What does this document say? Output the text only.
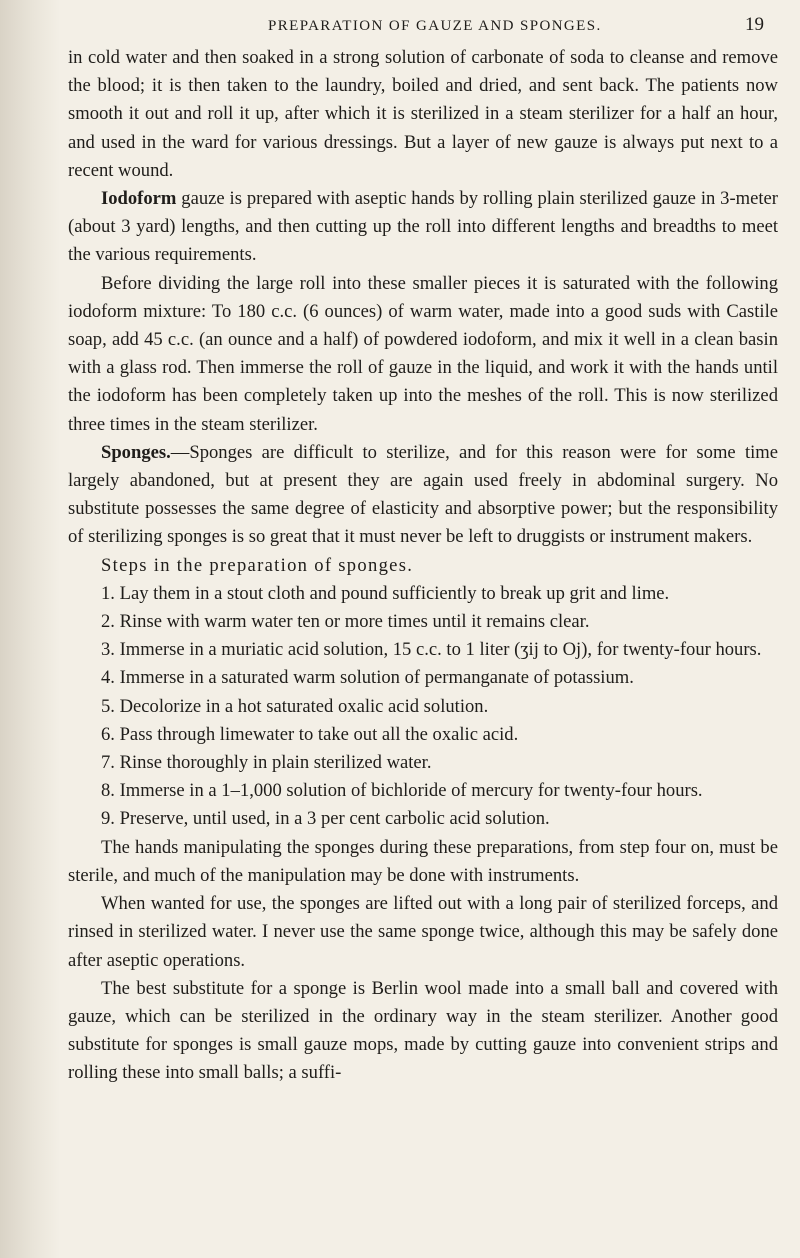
PREPARATION OF GAUZE AND SPONGES.	19

in cold water and then soaked in a strong solution of carbonate of soda to cleanse and remove the blood; it is then taken to the laundry, boiled and dried, and sent back. The patients now smooth it out and roll it up, after which it is sterilized in a steam sterilizer for a half an hour, and used in the ward for various dressings. But a layer of new gauze is always put next to a recent wound.

Iodoform gauze is prepared with aseptic hands by rolling plain sterilized gauze in 3-meter (about 3 yard) lengths, and then cutting up the roll into different lengths and breadths to meet the various requirements.

Before dividing the large roll into these smaller pieces it is saturated with the following iodoform mixture: To 180 c.c. (6 ounces) of warm water, made into a good suds with Castile soap, add 45 c.c. (an ounce and a half) of powdered iodoform, and mix it well in a clean basin with a glass rod. Then immerse the roll of gauze in the liquid, and work it with the hands until the iodoform has been completely taken up into the meshes of the roll. This is now sterilized three times in the steam sterilizer.

Sponges.—Sponges are difficult to sterilize, and for this reason were for some time largely abandoned, but at present they are again used freely in abdominal surgery. No substitute possesses the same degree of elasticity and absorptive power; but the responsibility of sterilizing sponges is so great that it must never be left to druggists or instrument makers.

Steps in the preparation of sponges.

1. Lay them in a stout cloth and pound sufficiently to break up grit and lime.

2. Rinse with warm water ten or more times until it remains clear.

3. Immerse in a muriatic acid solution, 15 c.c. to 1 liter (ʒij to Oj), for twenty-four hours.

4. Immerse in a saturated warm solution of permanganate of potassium.

5. Decolorize in a hot saturated oxalic acid solution.

6. Pass through limewater to take out all the oxalic acid.

7. Rinse thoroughly in plain sterilized water.

8. Immerse in a 1–1,000 solution of bichloride of mercury for twenty-four hours.

9. Preserve, until used, in a 3 per cent carbolic acid solution.

The hands manipulating the sponges during these preparations, from step four on, must be sterile, and much of the manipulation may be done with instruments.

When wanted for use, the sponges are lifted out with a long pair of sterilized forceps, and rinsed in sterilized water. I never use the same sponge twice, although this may be safely done after aseptic operations.

The best substitute for a sponge is Berlin wool made into a small ball and covered with gauze, which can be sterilized in the ordinary way in the steam sterilizer. Another good substitute for sponges is small gauze mops, made by cutting gauze into convenient strips and rolling these into small balls; a suffi-
